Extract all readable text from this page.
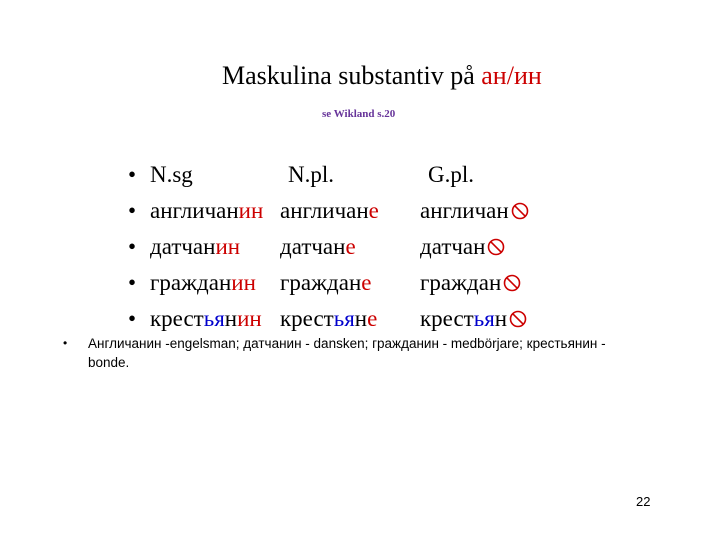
Maskulina substantiv på ан/ин
se Wikland s.20
• N.sg	N.pl.	G.pl.
• англичанин англичане англичан
• датчанин датчане	датчан
• гражданин граждане граждан
• крестьянин крестьяне крестьян
• Англичанин -engelsman; датчанин - dansken; гражданин - medbörjare; крестьянин - bonde.
22
